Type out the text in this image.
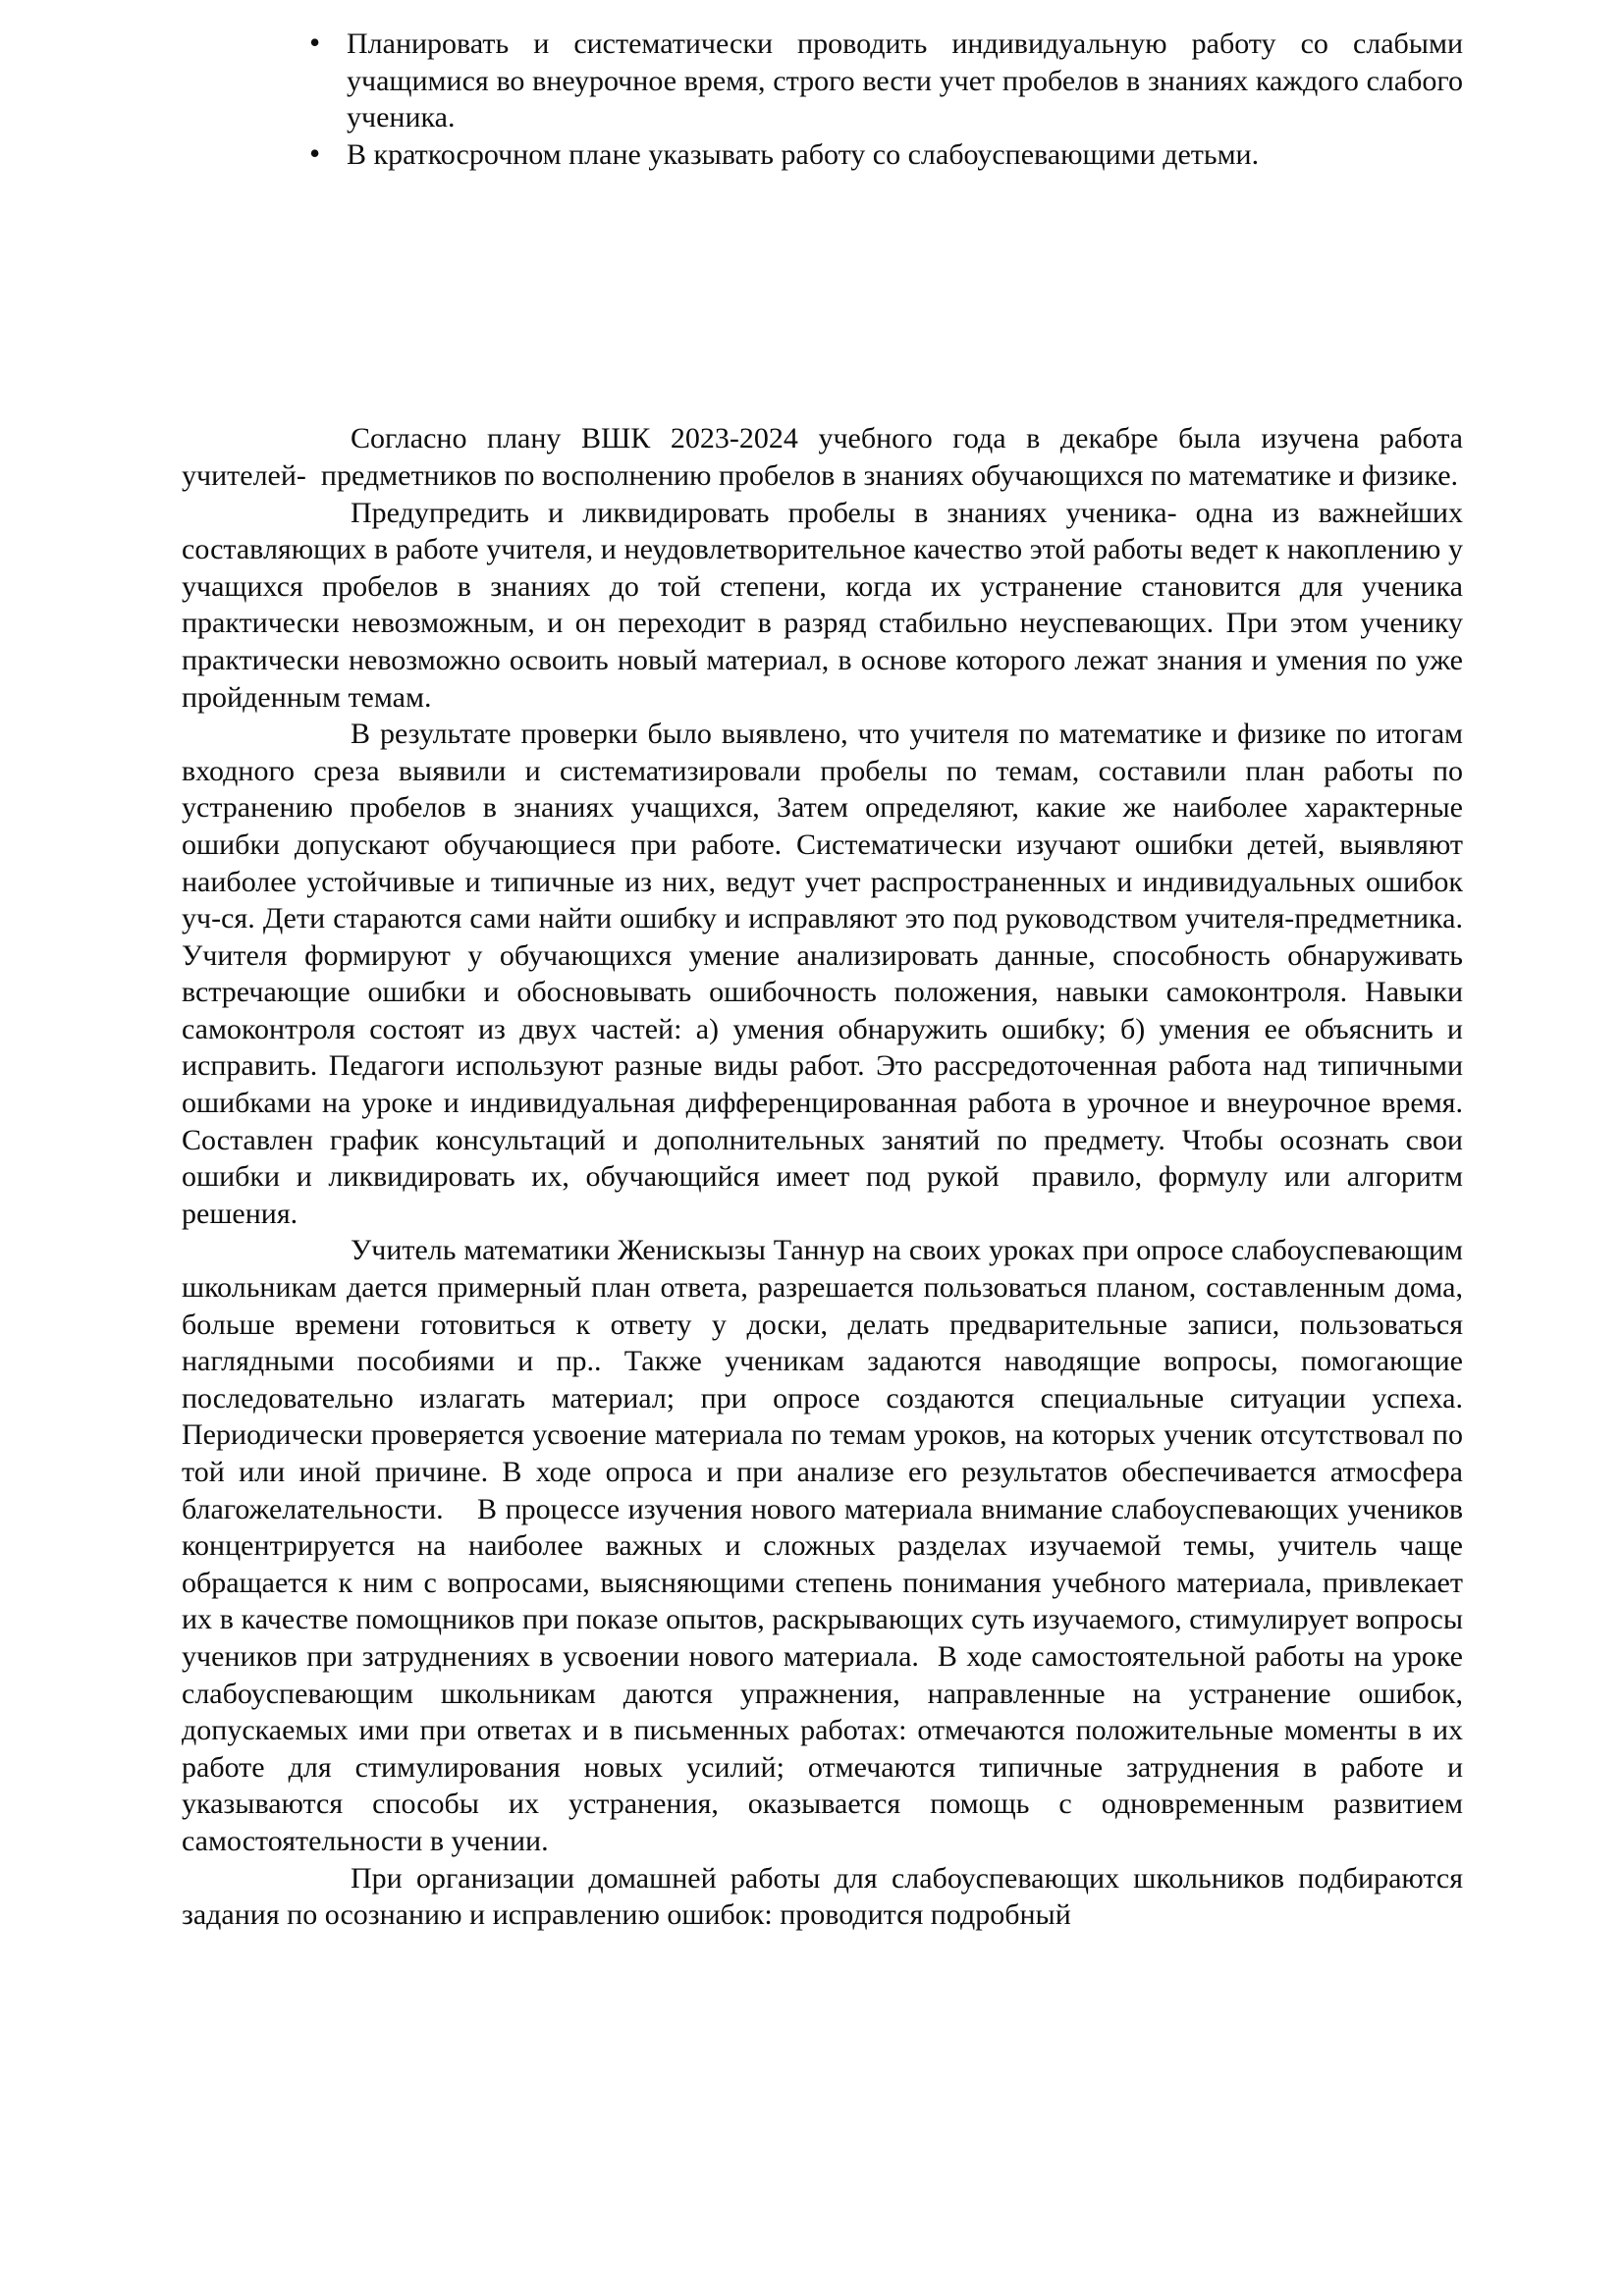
• Планировать и систематически проводить индивидуальную работу со слабыми учащимися во внеурочное время, строго вести учет пробелов в знаниях каждого слабого ученика.
• В краткосрочном плане указывать работу со слабоуспевающими детьми.

Согласно плану ВШК 2023-2024 учебного года в декабре была изучена работа учителей-  предметников по восполнению пробелов в знаниях обучающихся по математике и физике.

Предупредить и ликвидировать пробелы в знаниях ученика- одна из важнейших составляющих в работе учителя, и неудовлетворительное качество этой работы ведет к накоплению у учащихся пробелов в знаниях до той степени, когда их устранение становится для ученика практически невозможным, и он переходит в разряд стабильно неуспевающих. При этом ученику практически невозможно освоить новый материал, в основе которого лежат знания и умения по уже пройденным темам.

В результате проверки было выявлено, что учителя по математике и физике по итогам входного среза выявили и систематизировали пробелы по темам, составили план работы по устранению пробелов в знаниях учащихся, Затем определяют, какие же наиболее характерные ошибки допускают обучающиеся при работе. Систематически изучают ошибки детей, выявляют наиболее устойчивые и типичные из них, ведут учет распространенных и индивидуальных ошибок уч-ся. Дети стараются сами найти ошибку и исправляют это под руководством учителя-предметника. Учителя формируют у обучающихся умение анализировать данные, способность обнаруживать встречающие ошибки и обосновывать ошибочность положения, навыки самоконтроля. Навыки самоконтроля состоят из двух частей: а) умения обнаружить ошибку; б) умения ее объяснить и исправить. Педагоги используют разные виды работ. Это рассредоточенная работа над типичными ошибками на уроке и индивидуальная дифференцированная работа в урочное и внеурочное время. Составлен график консультаций и дополнительных занятий по предмету. Чтобы осознать свои ошибки и ликвидировать их, обучающийся имеет под рукой  правило, формулу или алгоритм решения.

Учитель математики Женискызы Таннур на своих уроках при опросе слабоуспевающим школьникам дается примерный план ответа, разрешается пользоваться планом, составленным дома, больше времени готовиться к ответу у доски, делать предварительные записи, пользоваться наглядными пособиями и пр.. Также ученикам задаются наводящие вопросы, помогающие последовательно излагать материал; при опросе создаются специальные ситуации успеха. Периодически проверяется усвоение материала по темам уроков, на которых ученик отсутствовал по той или иной причине. В ходе опроса и при анализе его результатов обеспечивается атмосфера благожелательности.    В процессе изучения нового материала внимание слабоуспевающих учеников концентрируется на наиболее важных и сложных разделах изучаемой темы, учитель чаще обращается к ним с вопросами, выясняющими степень понимания учебного материала, привлекает их в качестве помощников при показе опытов, раскрывающих суть изучаемого, стимулирует вопросы учеников при затруднениях в усвоении нового материала.  В ходе самостоятельной работы на уроке слабоуспевающим школьникам даются упражнения, направленные на устранение ошибок, допускаемых ими при ответах и в письменных работах: отмечаются положительные моменты в их работе для стимулирования новых усилий; отмечаются типичные затруднения в работе и указываются способы их устранения, оказывается помощь с одновременным развитием самостоятельности в учении.

При организации домашней работы для слабоуспевающих школьников подбираются задания по осознанию и исправлению ошибок: проводится подробный
